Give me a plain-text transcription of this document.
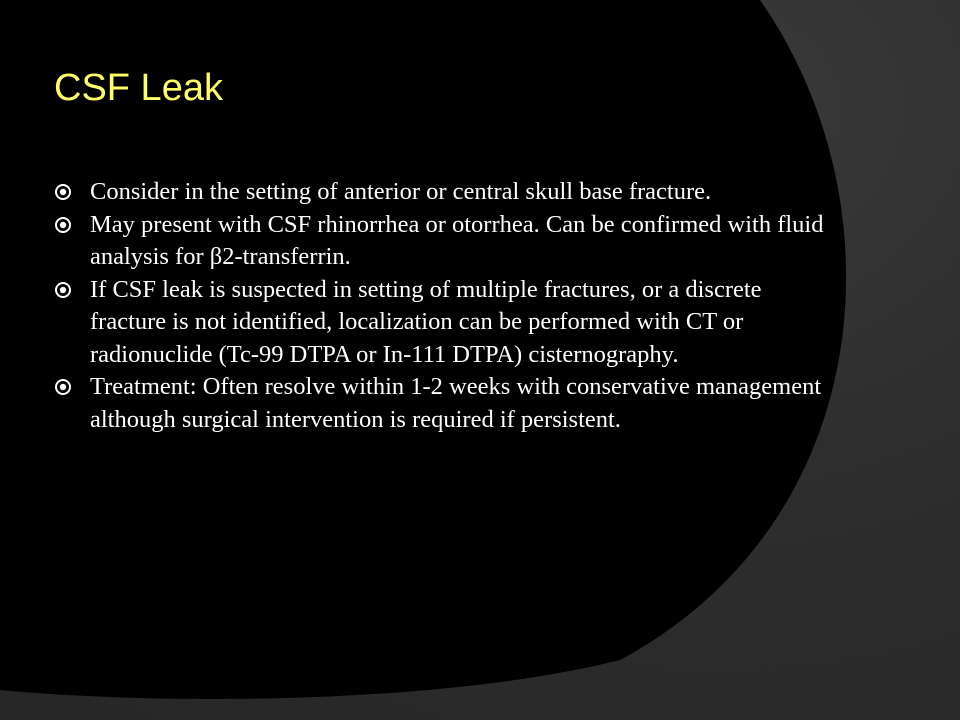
CSF Leak
Consider in the setting of anterior or central skull base fracture.
May present with CSF rhinorrhea or otorrhea. Can be confirmed with fluid analysis for β2-transferrin.
If CSF leak is suspected in setting of multiple fractures, or a discrete fracture is not identified, localization can be performed with CT or radionuclide (Tc-99 DTPA or In-111 DTPA) cisternography.
Treatment: Often resolve within 1-2 weeks with conservative management although surgical intervention is required if persistent.
